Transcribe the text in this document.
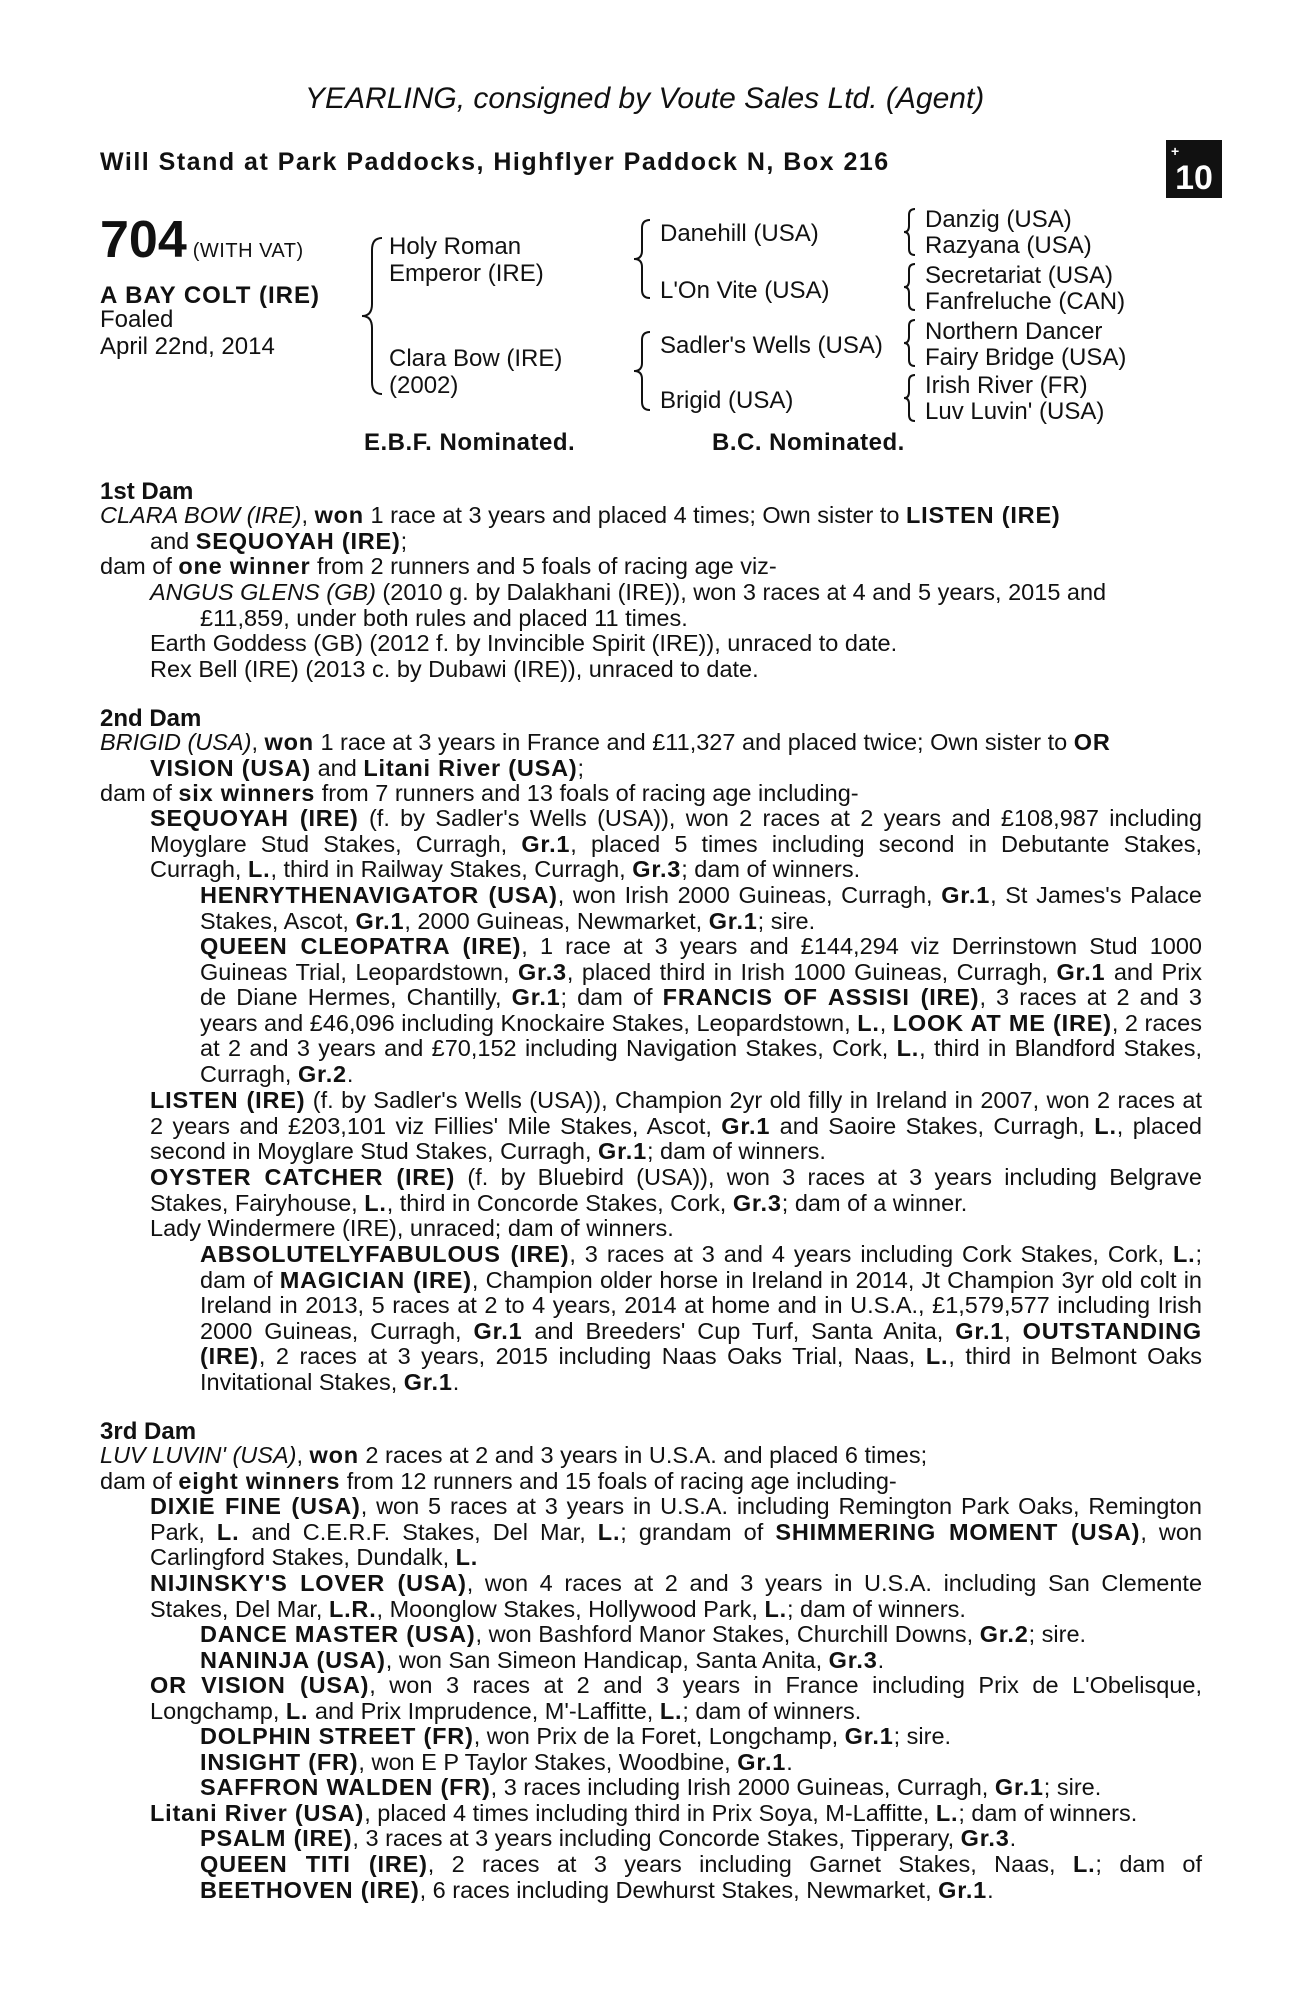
YEARLING, consigned by Voute Sales Ltd. (Agent)
Will Stand at Park Paddocks, Highflyer Paddock N, Box 216	+
10
704 (WITH VAT)
A BAY COLT (IRE)
Foaled
April 22nd, 2014
Holy Roman
Emperor (IRE)
Clara Bow (IRE)
(2002)
Danehill (USA)
L'On Vite (USA)
Sadler's Wells (USA)
Brigid (USA)
Danzig (USA)
Razyana (USA)
Secretariat (USA)
Fanfreluche (CAN)
Northern Dancer
Fairy Bridge (USA)
Irish River (FR)
Luv Luvin' (USA)
E.B.F. Nominated.	B.C. Nominated.
1st Dam
CLARA BOW (IRE), won 1 race at 3 years and placed 4 times; Own sister to LISTEN (IRE)
and SEQUOYAH (IRE);
dam of one winner from 2 runners and 5 foals of racing age viz-
ANGUS GLENS (GB) (2010 g. by Dalakhani (IRE)), won 3 races at 4 and 5 years, 2015 and
£11,859, under both rules and placed 11 times.
Earth Goddess (GB) (2012 f. by Invincible Spirit (IRE)), unraced to date.
Rex Bell (IRE) (2013 c. by Dubawi (IRE)), unraced to date.
2nd Dam
BRIGID (USA), won 1 race at 3 years in France and £11,327 and placed twice; Own sister to OR
VISION (USA) and Litani River (USA);
dam of six winners from 7 runners and 13 foals of racing age including-
SEQUOYAH (IRE) (f. by Sadler's Wells (USA)), won 2 races at 2 years and £108,987 including Moyglare Stud Stakes, Curragh, Gr.1, placed 5 times including second in Debutante Stakes, Curragh, L., third in Railway Stakes, Curragh, Gr.3; dam of winners.
HENRYTHENAVIGATOR (USA), won Irish 2000 Guineas, Curragh, Gr.1, St James's Palace Stakes, Ascot, Gr.1, 2000 Guineas, Newmarket, Gr.1; sire.
QUEEN CLEOPATRA (IRE), 1 race at 3 years and £144,294 viz Derrinstown Stud 1000 Guineas Trial, Leopardstown, Gr.3, placed third in Irish 1000 Guineas, Curragh, Gr.1 and Prix de Diane Hermes, Chantilly, Gr.1; dam of FRANCIS OF ASSISI (IRE), 3 races at 2 and 3 years and £46,096 including Knockaire Stakes, Leopardstown, L., LOOK AT ME (IRE), 2 races at 2 and 3 years and £70,152 including Navigation Stakes, Cork, L., third in Blandford Stakes, Curragh, Gr.2.
LISTEN (IRE) (f. by Sadler's Wells (USA)), Champion 2yr old filly in Ireland in 2007, won 2 races at 2 years and £203,101 viz Fillies' Mile Stakes, Ascot, Gr.1 and Saoire Stakes, Curragh, L., placed second in Moyglare Stud Stakes, Curragh, Gr.1; dam of winners.
OYSTER CATCHER (IRE) (f. by Bluebird (USA)), won 3 races at 3 years including Belgrave Stakes, Fairyhouse, L., third in Concorde Stakes, Cork, Gr.3; dam of a winner.
Lady Windermere (IRE), unraced; dam of winners.
ABSOLUTELYFABULOUS (IRE), 3 races at 3 and 4 years including Cork Stakes, Cork, L.; dam of MAGICIAN (IRE), Champion older horse in Ireland in 2014, Jt Champion 3yr old colt in Ireland in 2013, 5 races at 2 to 4 years, 2014 at home and in U.S.A., £1,579,577 including Irish 2000 Guineas, Curragh, Gr.1 and Breeders' Cup Turf, Santa Anita, Gr.1, OUTSTANDING (IRE), 2 races at 3 years, 2015 including Naas Oaks Trial, Naas, L., third in Belmont Oaks Invitational Stakes, Gr.1.
3rd Dam
LUV LUVIN' (USA), won 2 races at 2 and 3 years in U.S.A. and placed 6 times;
dam of eight winners from 12 runners and 15 foals of racing age including-
DIXIE FINE (USA), won 5 races at 3 years in U.S.A. including Remington Park Oaks, Remington Park, L. and C.E.R.F. Stakes, Del Mar, L.; grandam of SHIMMERING MOMENT (USA), won Carlingford Stakes, Dundalk, L.
NIJINSKY'S LOVER (USA), won 4 races at 2 and 3 years in U.S.A. including San Clemente Stakes, Del Mar, L.R., Moonglow Stakes, Hollywood Park, L.; dam of winners.
DANCE MASTER (USA), won Bashford Manor Stakes, Churchill Downs, Gr.2; sire.
NANINJA (USA), won San Simeon Handicap, Santa Anita, Gr.3.
OR VISION (USA), won 3 races at 2 and 3 years in France including Prix de L'Obelisque, Longchamp, L. and Prix Imprudence, M'-Laffitte, L.; dam of winners.
DOLPHIN STREET (FR), won Prix de la Foret, Longchamp, Gr.1; sire.
INSIGHT (FR), won E P Taylor Stakes, Woodbine, Gr.1.
SAFFRON WALDEN (FR), 3 races including Irish 2000 Guineas, Curragh, Gr.1; sire.
Litani River (USA), placed 4 times including third in Prix Soya, M-Laffitte, L.; dam of winners.
PSALM (IRE), 3 races at 3 years including Concorde Stakes, Tipperary, Gr.3.
QUEEN TITI (IRE), 2 races at 3 years including Garnet Stakes, Naas, L.; dam of BEETHOVEN (IRE), 6 races including Dewhurst Stakes, Newmarket, Gr.1.
